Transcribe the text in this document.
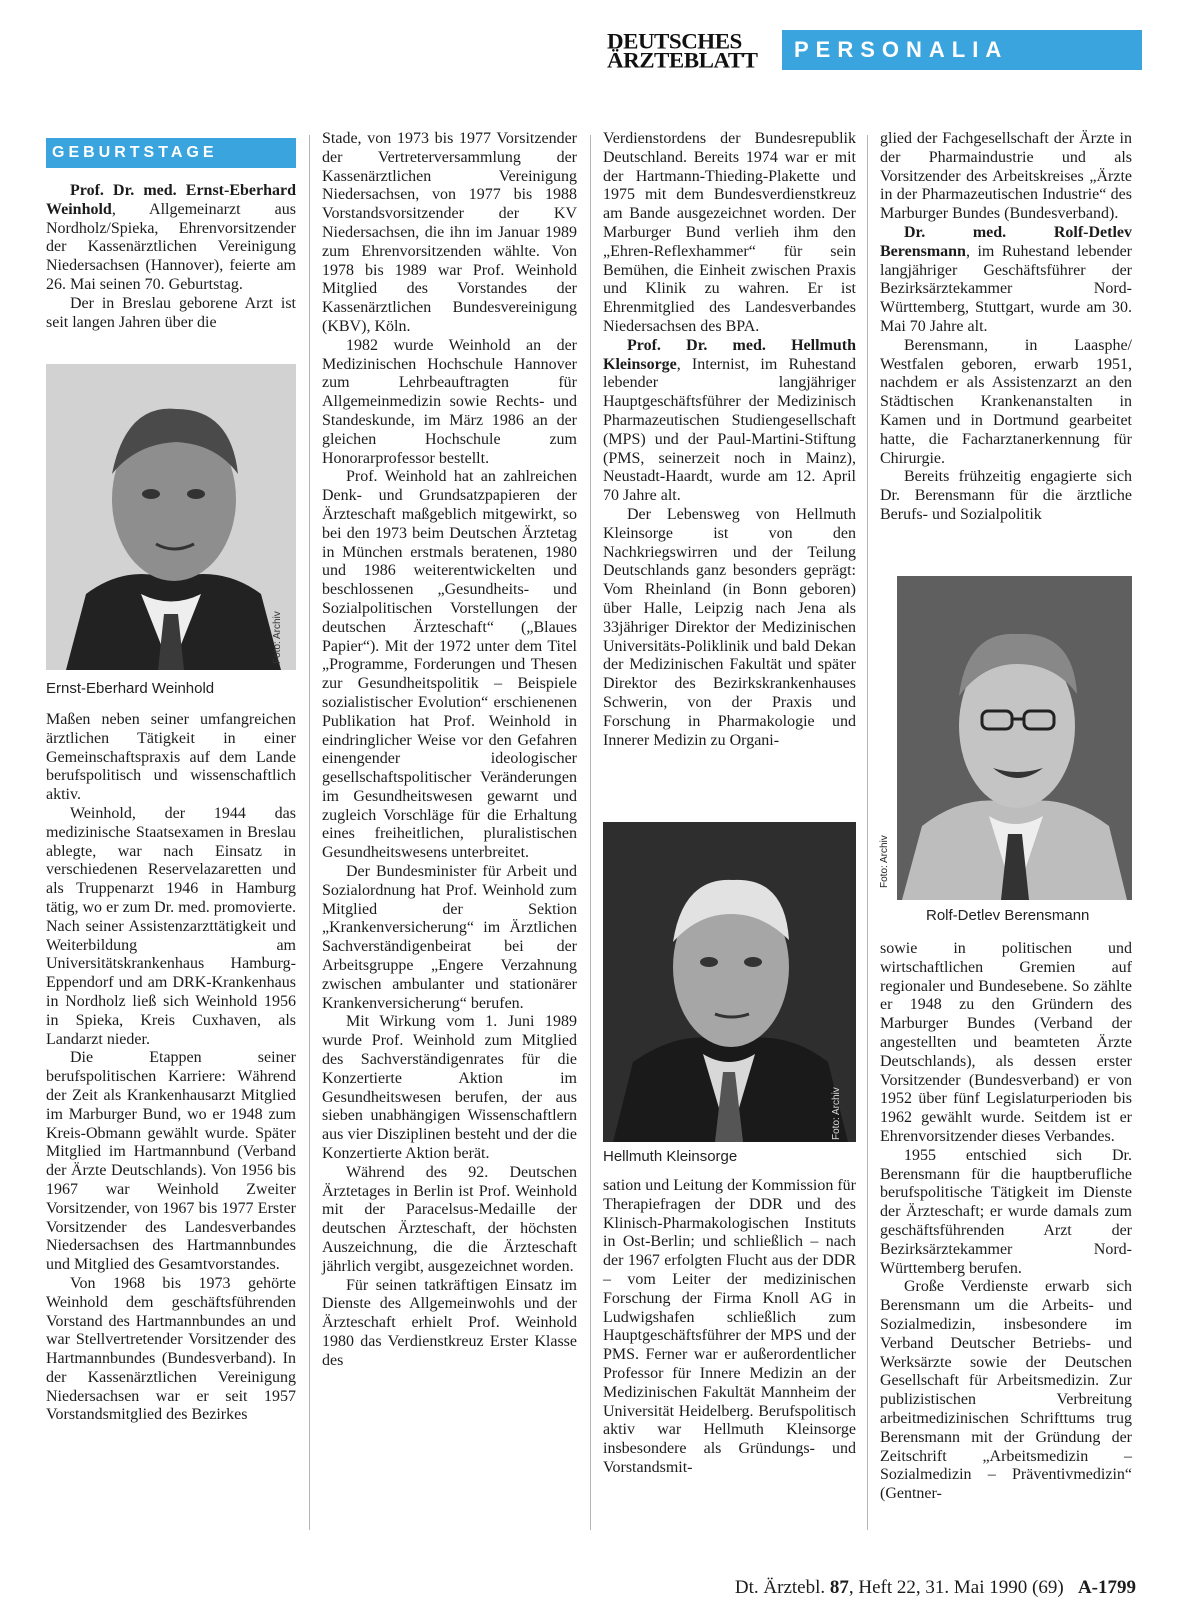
DEUTSCHES
ÄRZTEBLATT	PERSONALIA
GEBURTSTAGE

Prof. Dr. med. Ernst-Eberhard Weinhold, Allgemeinarzt aus Nordholz/Spieka, Ehrenvorsitzender der Kassenärztlichen Vereinigung Niedersachsen (Hannover), feierte am 26. Mai seinen 70. Geburtstag.

Der in Breslau geborene Arzt ist seit langen Jahren über die

Foto: Archiv
Ernst-Eberhard Weinhold

Maßen neben seiner umfangreichen ärztlichen Tätigkeit in einer Gemeinschaftspraxis auf dem Lande berufspolitisch und wissenschaftlich aktiv.

Weinhold, der 1944 das medizinische Staatsexamen in Breslau ablegte, war nach Einsatz in verschiedenen Reservelazaretten und als Truppenarzt 1946 in Hamburg tätig, wo er zum Dr. med. promovierte. Nach seiner Assistenzarzttätigkeit und Weiterbildung am Universitätskrankenhaus Hamburg-Eppendorf und am DRK-Krankenhaus in Nordholz ließ sich Weinhold 1956 in Spieka, Kreis Cuxhaven, als Landarzt nieder.

Die Etappen seiner berufspolitischen Karriere: Während der Zeit als Krankenhausarzt Mitglied im Marburger Bund, wo er 1948 zum Kreis-Obmann gewählt wurde. Später Mitglied im Hartmannbund (Verband der Ärzte Deutschlands). Von 1956 bis 1967 war Weinhold Zweiter Vorsitzender, von 1967 bis 1977 Erster Vorsitzender des Landesverbandes Niedersachsen des Hartmannbundes und Mitglied des Gesamtvorstandes.

Von 1968 bis 1973 gehörte Weinhold dem geschäftsführenden Vorstand des Hartmannbundes an und war Stellvertretender Vorsitzender des Hartmannbundes (Bundesverband). In der Kassenärztlichen Vereinigung Niedersachsen war er seit 1957 Vorstandsmitglied des Bezirkes

Stade, von 1973 bis 1977 Vorsitzender der Vertreterversammlung der Kassenärztlichen Vereinigung Niedersachsen, von 1977 bis 1988 Vorstandsvorsitzender der KV Niedersachsen, die ihn im Januar 1989 zum Ehrenvorsitzenden wählte. Von 1978 bis 1989 war Prof. Weinhold Mitglied des Vorstandes der Kassenärztlichen Bundesvereinigung (KBV), Köln.

1982 wurde Weinhold an der Medizinischen Hochschule Hannover zum Lehrbeauftragten für Allgemeinmedizin sowie Rechts- und Standeskunde, im März 1986 an der gleichen Hochschule zum Honorarprofessor bestellt.

Prof. Weinhold hat an zahlreichen Denk- und Grundsatzpapieren der Ärzteschaft maßgeblich mitgewirkt, so bei den 1973 beim Deutschen Ärztetag in München erstmals beratenen, 1980 und 1986 weiterentwickelten und beschlossenen „Gesundheits- und Sozialpolitischen Vorstellungen der deutschen Ärzteschaft“ („Blaues Papier“). Mit der 1972 unter dem Titel „Programme, Forderungen und Thesen zur Gesundheitspolitik – Beispiele sozialistischer Evolution“ erschienenen Publikation hat Prof. Weinhold in eindringlicher Weise vor den Gefahren einengender ideologischer gesellschaftspolitischer Veränderungen im Gesundheitswesen gewarnt und zugleich Vorschläge für die Erhaltung eines freiheitlichen, pluralistischen Gesundheitswesens unterbreitet.

Der Bundesminister für Arbeit und Sozialordnung hat Prof. Weinhold zum Mitglied der Sektion „Krankenversicherung“ im Ärztlichen Sachverständigenbeirat bei der Arbeitsgruppe „Engere Verzahnung zwischen ambulanter und stationärer Krankenversicherung“ berufen.

Mit Wirkung vom 1. Juni 1989 wurde Prof. Weinhold zum Mitglied des Sachverständigenrates für die Konzertierte Aktion im Gesundheitswesen berufen, der aus sieben unabhängigen Wissenschaftlern aus vier Disziplinen besteht und der die Konzertierte Aktion berät.

Während des 92. Deutschen Ärztetages in Berlin ist Prof. Weinhold mit der Paracelsus-Medaille der deutschen Ärzteschaft, der höchsten Auszeichnung, die die Ärzteschaft jährlich vergibt, ausgezeichnet worden.

Für seinen tatkräftigen Einsatz im Dienste des Allgemeinwohls und der Ärzteschaft erhielt Prof. Weinhold 1980 das Verdienstkreuz Erster Klasse des

Verdienstordens der Bundesrepublik Deutschland. Bereits 1974 war er mit der Hartmann-Thieding-Plakette und 1975 mit dem Bundesverdienstkreuz am Bande ausgezeichnet worden. Der Marburger Bund verlieh ihm den „Ehren-Reflexhammer“ für sein Bemühen, die Einheit zwischen Praxis und Klinik zu wahren. Er ist Ehrenmitglied des Landesverbandes Niedersachsen des BPA.

Prof. Dr. med. Hellmuth Kleinsorge, Internist, im Ruhestand lebender langjähriger Hauptgeschäftsführer der Medizinisch Pharmazeutischen Studiengesellschaft (MPS) und der Paul-Martini-Stiftung (PMS, seinerzeit noch in Mainz), Neustadt-Haardt, wurde am 12. April 70 Jahre alt.

Der Lebensweg von Hellmuth Kleinsorge ist von den Nachkriegswirren und der Teilung Deutschlands ganz besonders geprägt: Vom Rheinland (in Bonn geboren) über Halle, Leipzig nach Jena als 33jähriger Direktor der Medizinischen Universitäts-Poliklinik und bald Dekan der Medizinischen Fakultät und später Direktor des Bezirkskrankenhauses Schwerin, von der Praxis und Forschung in Pharmakologie und Innerer Medizin zu Organi-

Foto: Archiv
Hellmuth Kleinsorge

sation und Leitung der Kommission für Therapiefragen der DDR und des Klinisch-Pharmakologischen Instituts in Ost-Berlin; und schließlich – nach der 1967 erfolgten Flucht aus der DDR – vom Leiter der medizinischen Forschung der Firma Knoll AG in Ludwigshafen schließlich zum Hauptgeschäftsführer der MPS und der PMS. Ferner war er außerordentlicher Professor für Innere Medizin an der Medizinischen Fakultät Mannheim der Universität Heidelberg. Berufspolitisch aktiv war Hellmuth Kleinsorge insbesondere als Gründungs- und Vorstandsmit-

glied der Fachgesellschaft der Ärzte in der Pharmaindustrie und als Vorsitzender des Arbeitskreises „Ärzte in der Pharmazeutischen Industrie“ des Marburger Bundes (Bundesverband).

Dr. med. Rolf-Detlev Berensmann, im Ruhestand lebender langjähriger Geschäftsführer der Bezirksärztekammer Nord-Württemberg, Stuttgart, wurde am 30. Mai 70 Jahre alt.

Berensmann, in Laasphe/ Westfalen geboren, erwarb 1951, nachdem er als Assistenzarzt an den Städtischen Krankenanstalten in Kamen und in Dortmund gearbeitet hatte, die Facharztanerkennung für Chirurgie.

Bereits frühzeitig engagierte sich Dr. Berensmann für die ärztliche Berufs- und Sozialpolitik

Foto: Archiv
Rolf-Detlev Berensmann

sowie in politischen und wirtschaftlichen Gremien auf regionaler und Bundesebene. So zählte er 1948 zu den Gründern des Marburger Bundes (Verband der angestellten und beamteten Ärzte Deutschlands), als dessen erster Vorsitzender (Bundesverband) er von 1952 über fünf Legislaturperioden bis 1962 gewählt wurde. Seitdem ist er Ehrenvorsitzender dieses Verbandes.

1955 entschied sich Dr. Berensmann für die hauptberufliche berufspolitische Tätigkeit im Dienste der Ärzteschaft; er wurde damals zum geschäftsführenden Arzt der Bezirksärztekammer Nord-Württemberg berufen.

Große Verdienste erwarb sich Berensmann um die Arbeits- und Sozialmedizin, insbesondere im Verband Deutscher Betriebs- und Werksärzte sowie der Deutschen Gesellschaft für Arbeitsmedizin. Zur publizistischen Verbreitung arbeitmedizinischen Schrifttums trug Berensmann mit der Gründung der Zeitschrift „Arbeitsmedizin – Sozialmedizin – Präventivmedizin“ (Gentner-

Dt. Ärztebl. 87, Heft 22, 31. Mai 1990 (69) A-1799
